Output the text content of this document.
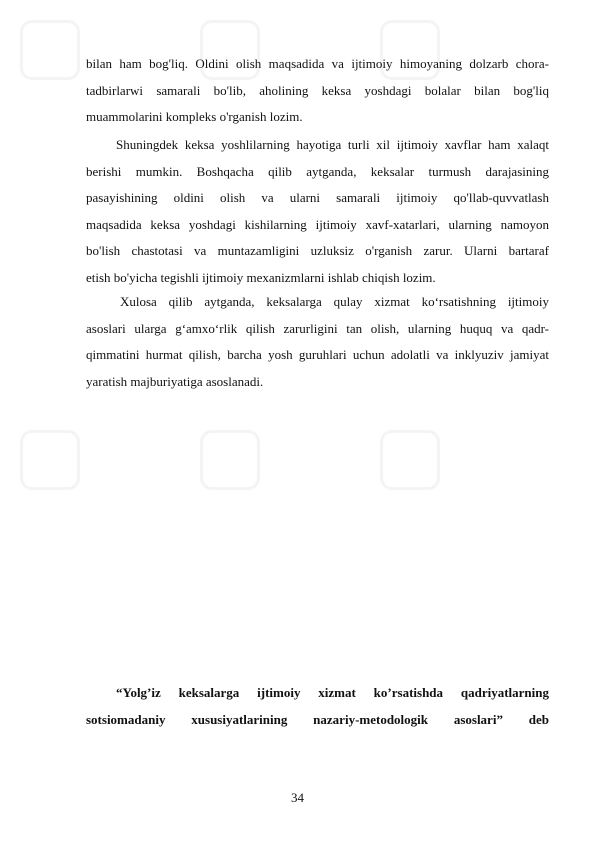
bilan ham bog'liq. Oldini olish maqsadida va ijtimoiy himoyaning dolzarb chora-
tadbirlarwi samarali bo'lib, aholining keksa yoshdagi bolalar bilan bog'liq
muammolarini kompleks o'rganish lozim.
Shuningdek keksa yoshlilarning hayotiga turli xil ijtimoiy xavflar ham xalaqt
berishi mumkin. Boshqacha qilib aytganda, keksalar turmush darajasining
pasayishining oldini olish va ularni samarali ijtimoiy qo'llab-quvvatlash
maqsadida keksa yoshdagi kishilarning ijtimoiy xavf-xatarlari, ularning namoyon
bo'lish chastotasi va muntazamligini uzluksiz o'rganish zarur. Ularni bartaraf
etish bo'yicha tegishli ijtimoiy mexanizmlarni ishlab chiqish lozim.
Xulosa qilib aytganda, keksalarga qulay xizmat ko‘rsatishning ijtimoiy
asoslari ularga g‘amxo‘rlik qilish zarurligini tan olish, ularning huquq va qadr-
qimmatini hurmat qilish, barcha yosh guruhlari uchun adolatli va inklyuziv jamiyat
yaratish majburiyatiga asoslanadi.
“Yolg’iz keksalarga ijtimoiy xizmat ko’rsatishda qadriyatlarning
sotsiomadaniy xususiyatlarining nazariy-metodologik asoslari” deb
34
